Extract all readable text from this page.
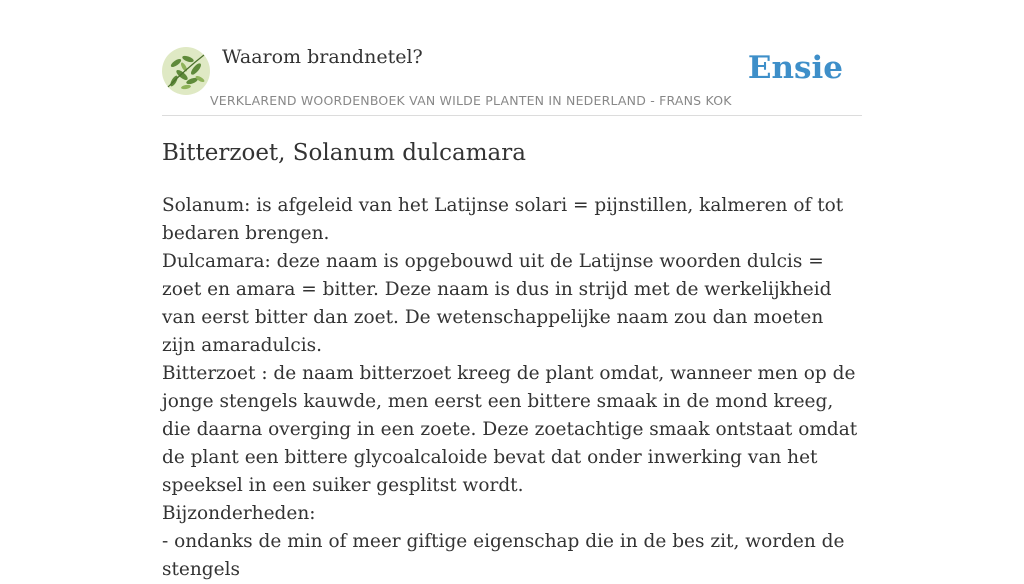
Waarom brandnetel?
VERKLAREND WOORDENBOEK VAN WILDE PLANTEN IN NEDERLAND - FRANS KOK
Ensie
Bitterzoet, Solanum dulcamara

Solanum: is afgeleid van het Latijnse solari = pijnstillen, kalmeren of tot bedaren brengen.

Dulcamara: deze naam is opgebouwd uit de Latijnse woorden dulcis = zoet en amara = bitter. Deze naam is dus in strijd met de werkelijkheid van eerst bitter dan zoet. De wetenschappelijke naam zou dan moeten zijn amaradulcis.

Bitterzoet : de naam bitterzoet kreeg de plant omdat, wanneer men op de jonge stengels kauwde, men eerst een bittere smaak in de mond kreeg, die daarna overging in een zoete. Deze zoetachtige smaak ontstaat omdat de plant een bittere glycoalcaloide bevat dat onder inwerking van het speeksel in een suiker gesplitst wordt.

Bijzonderheden:

- ondanks de min of meer giftige eigenschap die in de bes zit, worden de stengels
